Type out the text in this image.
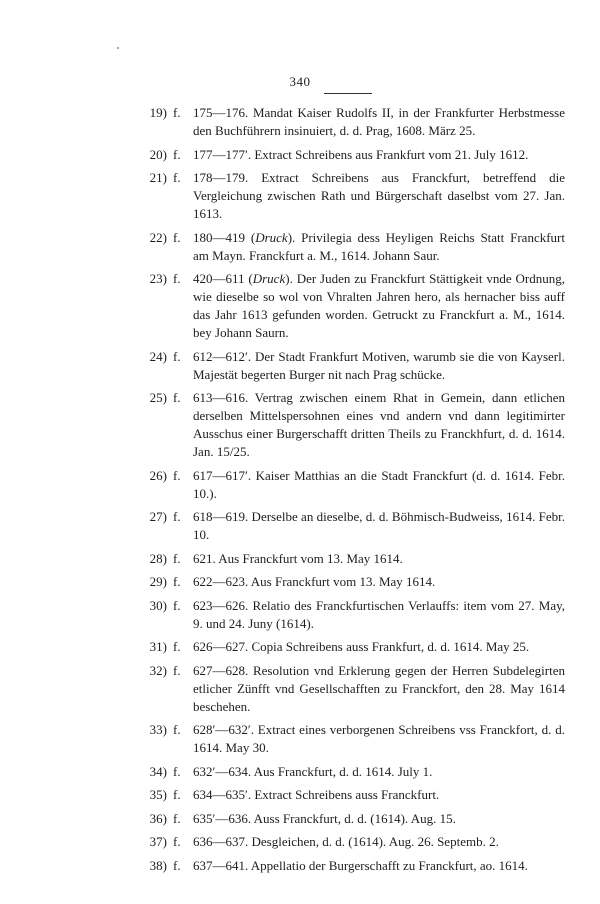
340
19) f. 175—176. Mandat Kaiser Rudolfs II, in der Frankfurter Herbstmesse den Buchführern insinuiert, d. d. Prag, 1608. März 25.
20) f. 177—177′. Extract Schreibens aus Frankfurt vom 21. July 1612.
21) f. 178—179. Extract Schreibens aus Franckfurt, betreffend die Vergleichung zwischen Rath und Bürgerschaft daselbst vom 27. Jan. 1613.
22) f. 180—419 (Druck). Privilegia dess Heyligen Reichs Statt Franckfurt am Mayn. Franckfurt a. M., 1614. Johann Saur.
23) f. 420—611 (Druck). Der Juden zu Franckfurt Stättigkeit vnde Ordnung, wie dieselbe so wol von Vhralten Jahren hero, als hernacher biss auff das Jahr 1613 gefunden worden. Getruckt zu Franckfurt a. M., 1614. bey Johann Saurn.
24) f. 612—612′. Der Stadt Frankfurt Motiven, warumb sie die von Kayserl. Majestät begerten Burger nit nach Prag schücke.
25) f. 613—616. Vertrag zwischen einem Rhat in Gemein, dann etlichen derselben Mittelspersohnen eines vnd andern vnd dann legitimirter Ausschus einer Burgerschafft dritten Theils zu Franckhfurt, d. d. 1614. Jan. 15/25.
26) f. 617—617′. Kaiser Matthias an die Stadt Franckfurt (d. d. 1614. Febr. 10.).
27) f. 618—619. Derselbe an dieselbe, d. d. Böhmisch-Budweiss, 1614. Febr. 10.
28) f. 621. Aus Franckfurt vom 13. May 1614.
29) f. 622—623. Aus Franckfurt vom 13. May 1614.
30) f. 623—626. Relatio des Franckfurtischen Verlauffs: item vom 27. May, 9. und 24. Juny (1614).
31) f. 626—627. Copia Schreibens auss Frankfurt, d. d. 1614. May 25.
32) f. 627—628. Resolution vnd Erklerung gegen der Herren Subdelegirten etlicher Zünfft vnd Gesellschafften zu Franckfort, den 28. May 1614 beschehen.
33) f. 628′—632′. Extract eines verborgenen Schreibens vss Franckfort, d. d. 1614. May 30.
34) f. 632′—634. Aus Franckfurt, d. d. 1614. July 1.
35) f. 634—635′. Extract Schreibens auss Franckfurt.
36) f. 635′—636. Auss Franckfurt, d. d. (1614). Aug. 15.
37) f. 636—637. Desgleichen, d. d. (1614). Aug. 26. Septemb. 2.
38) f. 637—641. Appellatio der Burgerschafft zu Franckfurt, ao. 1614.
